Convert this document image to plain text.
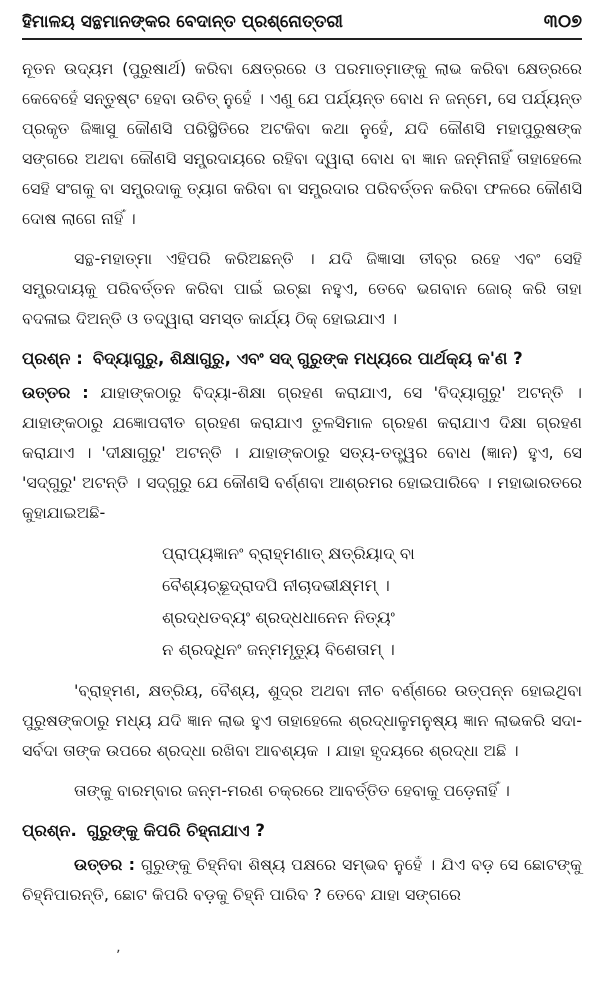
ହିମାଳୟ ସନ୍ଥମାନଙ୍କର ବେଦାନ୍ତ ପ୍ରଶ୍ନୋତ୍ତରୀ	୩୦୭

ନୂତନ ଉଦ୍ୟମ (ପୁରୁଷାର୍ଥ) କରିବା କ୍ଷେତ୍ରରେ ଓ ପରମାତ୍ମାଙ୍କୁ ଲାଭ କରିବା କ୍ଷେତ୍ରରେ କେବେହେଁ ସନ୍ତୁଷ୍ଟ ହେବା ଉଚିତ୍ ନୁହେଁ । ଏଣୁ ଯେ ପର୍ଯ୍ୟନ୍ତ ବୋଧ ନ ଜନ୍ମେ, ସେ ପର୍ଯ୍ୟନ୍ତ ପ୍ରକୃତ ଜିଜ୍ଞାସୁ କୌଣସି ପରିସ୍ଥିତିରେ ଅଟକିବା କଥା ନୁହେଁ, ଯଦି କୌଣସି ମହାପୁରୁଷଙ୍କ ସଙ୍ଗରେ ଅଥବା କୌଣସି ସମ୍ପ୍ରଦାୟରେ ରହିବା ଦ୍ୱାରା ବୋଧ ବା ଜ୍ଞାନ ଜନ୍ମିନାହିଁ ତାହାହେଲେ ସେହି ସଂଗକୁ ବା ସମ୍ପ୍ରଦାକୁ ତ୍ୟାଗ କରିବା ବା ସମ୍ପ୍ରଦାର ପରିବର୍ତ୍ତନ କରିବା ଫଳରେ କୌଣସି ଦୋଷ ଲାଗେ ନାହିଁ ।

ସନ୍ଥ-ମହାତ୍ମା ଏହିପରି କରିଅଛନ୍ତି । ଯଦି ଜିଜ୍ଞାସା ତୀବ୍ର ରହେ ଏବଂ ସେହି ସମ୍ପ୍ରଦାୟକୁ ପରିବର୍ତ୍ତନ କରିବା ପାଇଁ ଇଚ୍ଛା ନହୁଏ, ତେବେ ଭଗବାନ ଜୋର୍ କରି ତାହା ବଦଳାଇ ଦିଅନ୍ତି ଓ ତଦ୍ୱାରା ସମସ୍ତ କାର୍ଯ୍ୟ ଠିକ୍ ହୋଇଯାଏ ।

ପ୍ରଶ୍ନ : ବିଦ୍ୟାଗୁରୁ, ଶିକ୍ଷାଗୁରୁ, ଏବଂ ସଦ୍ ଗୁରୁଙ୍କ ମଧ୍ୟରେ ପାର୍ଥକ୍ୟ କ'ଣ ?

ଉତ୍ତର : ଯାହାଙ୍କଠାରୁ ବିଦ୍ୟା-ଶିକ୍ଷା ଗ୍ରହଣ କରାଯାଏ, ସେ 'ବିଦ୍ୟାଗୁରୁ' ଅଟନ୍ତି । ଯାହାଙ୍କଠାରୁ ଯଜ୍ଞୋପବୀତ ଗ୍ରହଣ କରାଯାଏ ତୁଳସିମାଳ ଗ୍ରହଣ କରାଯାଏ ଦିକ୍ଷା ଗ୍ରହଣ କରାଯାଏ । 'ଦୀକ୍ଷାଗୁରୁ' ଅଟନ୍ତି । ଯାହାଙ୍କଠାରୁ ସତ୍ୟ-ତତ୍ତ୍ୱର ବୋଧ (ଜ୍ଞାନ) ହୁଏ, ସେ 'ସଦ୍‌ଗୁରୁ' ଅଟନ୍ତି । ସଦ୍‌ଗୁରୁ ଯେ କୌଣସି ବର୍ଣ୍ଣବା ଆଶ୍ରମର ହୋଇପାରିବେ । ମହାଭାରତରେ କୁହାଯାଇଅଛି-

ପ୍ରାପ୍ୟଜ୍ଞାନଂ ବ୍ରାହ୍ମଣାତ୍ କ୍ଷତ୍ରିୟାଦ୍ ବା
ବୈଶ୍ୟଚ୍ଛୂଦ୍ରାଦପି ନୀଚାଦଭୀକ୍ଷ୍ମମ୍ ।
ଶ୍ରଦ୍ଧତବ୍ୟଂ ଶ୍ରଦ୍ଧଧାନେନ ନିତ୍ୟଂ
ନ ଶ୍ରଦ୍ଧିନଂ ଜନ୍ମମୃତ୍ୟୁ ବିଶେତାମ୍ ।

'ବ୍ରାହ୍ମଣ, କ୍ଷତ୍ରିୟ, ବୈଶ୍ୟ, ଶୁଦ୍ର ଅଥବା ନୀଚ ବର୍ଣ୍ଣରେ ଉତ୍ପନ୍ନ ହୋଇଥିବା ପୁରୁଷଙ୍କଠାରୁ ମଧ୍ୟ ଯଦି ଜ୍ଞାନ ଲାଭ ହୁଏ ତାହାହେଲେ ଶ୍ରଦ୍ଧାଳୁମନୁଷ୍ୟ ଜ୍ଞାନ ଲାଭକରି ସଦା-ସର୍ବଦା ତାଙ୍କ ଉପରେ ଶ୍ରଦ୍ଧା ରଖିବା ଆବଶ୍ୟକ । ଯାହା ହୃଦୟରେ ଶ୍ରଦ୍ଧା ଅଛି ।

ତାଙ୍କୁ ବାରମ୍ବାର ଜନ୍ମ-ମରଣ ଚକ୍ରରେ ଆବର୍ତ୍ତିତ ହେବାକୁ ପଡ଼େନାହିଁ ।

ପ୍ରଶ୍ନ. ଗୁରୁଙ୍କୁ କିପରି ଚିହ୍ନାଯାଏ ?

ଉତ୍ତର : ଗୁରୁଙ୍କୁ ଚିହ୍ନିବା ଶିଷ୍ୟ ପକ୍ଷରେ ସମ୍ଭବ ନୁହେଁ । ଯିଏ ବଡ଼ ସେ ଛୋଟଙ୍କୁ ଚିହ୍ନିପାରନ୍ତି, ଛୋଟ କିପରି ବଡ଼କୁ ଚିହ୍ନି ପାରିବ ? ତେବେ ଯାହା ସଙ୍ଗରେ

ʼ
